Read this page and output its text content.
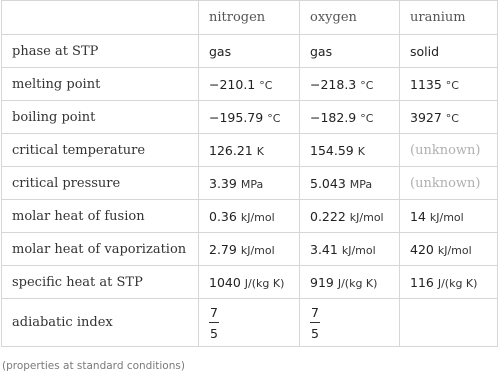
	nitrogen	oxygen	uranium
phase at STP	gas	gas	solid
melting point	−210.1 °C	−218.3 °C	1135 °C
boiling point	−195.79 °C	−182.9 °C	3927 °C
critical temperature	126.21 K	154.59 K	(unknown)
critical pressure	3.39 MPa	5.043 MPa	(unknown)
molar heat of fusion	0.36 kJ/mol	0.222 kJ/mol	14 kJ/mol
molar heat of vaporization	2.79 kJ/mol	3.41 kJ/mol	420 kJ/mol
specific heat at STP	1040 J/(kg K)	919 J/(kg K)	116 J/(kg K)
adiabatic index	$\frac{7}{5}$	$\frac{7}{5}$

(properties at standard conditions)
